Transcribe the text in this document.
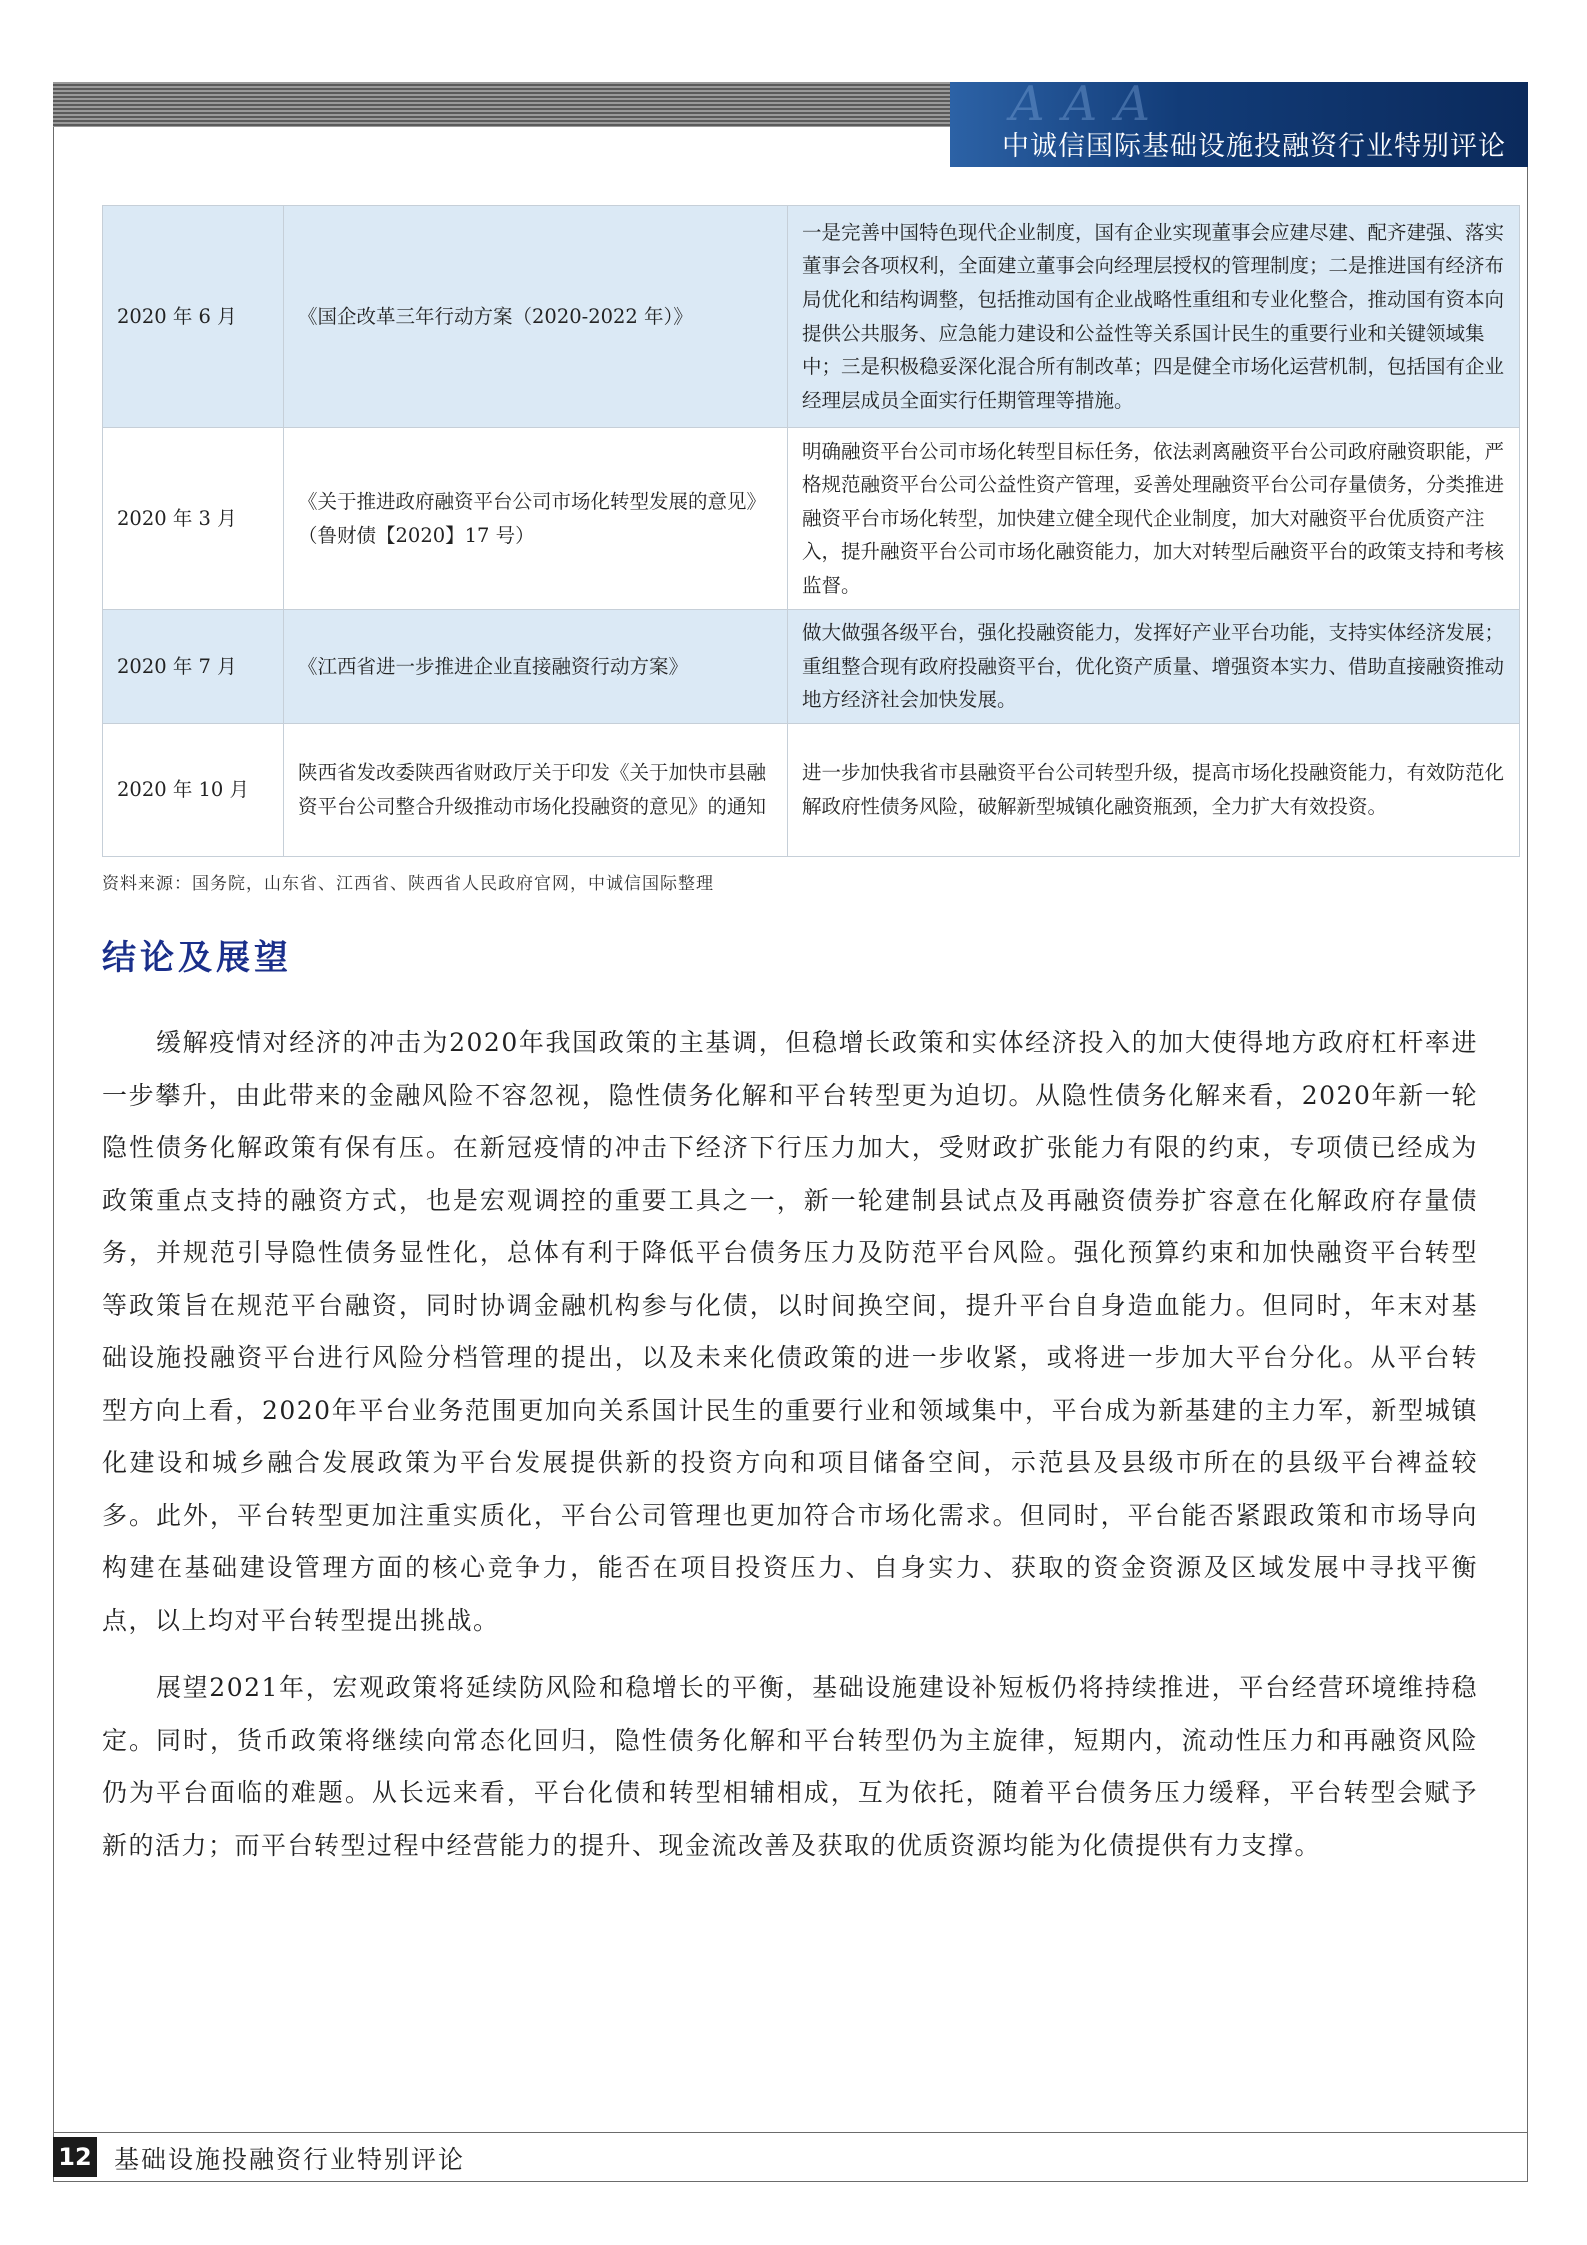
AAA
中诚信国际基础设施投融资行业特别评论
2020 年 6 月	《国企改革三年行动方案（2020-2022 年）》	一是完善中国特色现代企业制度，国有企业实现董事会应建尽建、配齐建强、落实董事会各项权利，全面建立董事会向经理层授权的管理制度；二是推进国有经济布局优化和结构调整，包括推动国有企业战略性重组和专业化整合，推动国有资本向提供公共服务、应急能力建设和公益性等关系国计民生的重要行业和关键领域集中；三是积极稳妥深化混合所有制改革；四是健全市场化运营机制，包括国有企业经理层成员全面实行任期管理等措施。
2020 年 3 月	《关于推进政府融资平台公司市场化转型发展的意见》（鲁财债【2020】17 号）	明确融资平台公司市场化转型目标任务，依法剥离融资平台公司政府融资职能，严格规范融资平台公司公益性资产管理，妥善处理融资平台公司存量债务，分类推进融资平台市场化转型，加快建立健全现代企业制度，加大对融资平台优质资产注入，提升融资平台公司市场化融资能力，加大对转型后融资平台的政策支持和考核监督。
2020 年 7 月	《江西省进一步推进企业直接融资行动方案》	做大做强各级平台，强化投融资能力，发挥好产业平台功能，支持实体经济发展；重组整合现有政府投融资平台，优化资产质量、增强资本实力、借助直接融资推动地方经济社会加快发展。
2020 年 10 月	陕西省发改委陕西省财政厅关于印发《关于加快市县融资平台公司整合升级推动市场化投融资的意见》的通知	进一步加快我省市县融资平台公司转型升级，提高市场化投融资能力，有效防范化解政府性债务风险，破解新型城镇化融资瓶颈，全力扩大有效投资。
资料来源：国务院，山东省、江西省、陕西省人民政府官网，中诚信国际整理
结论及展望

缓解疫情对经济的冲击为2020年我国政策的主基调，但稳增长政策和实体经济投入的加大使得地方政府杠杆率进一步攀升，由此带来的金融风险不容忽视，隐性债务化解和平台转型更为迫切。从隐性债务化解来看，2020年新一轮隐性债务化解政策有保有压。在新冠疫情的冲击下经济下行压力加大，受财政扩张能力有限的约束，专项债已经成为政策重点支持的融资方式，也是宏观调控的重要工具之一，新一轮建制县试点及再融资债券扩容意在化解政府存量债务，并规范引导隐性债务显性化，总体有利于降低平台债务压力及防范平台风险。强化预算约束和加快融资平台转型等政策旨在规范平台融资，同时协调金融机构参与化债，以时间换空间，提升平台自身造血能力。但同时，年末对基础设施投融资平台进行风险分档管理的提出，以及未来化债政策的进一步收紧，或将进一步加大平台分化。从平台转型方向上看，2020年平台业务范围更加向关系国计民生的重要行业和领域集中，平台成为新基建的主力军，新型城镇化建设和城乡融合发展政策为平台发展提供新的投资方向和项目储备空间，示范县及县级市所在的县级平台裨益较多。此外，平台转型更加注重实质化，平台公司管理也更加符合市场化需求。但同时，平台能否紧跟政策和市场导向构建在基础建设管理方面的核心竞争力，能否在项目投资压力、自身实力、获取的资金资源及区域发展中寻找平衡点，以上均对平台转型提出挑战。

展望2021年，宏观政策将延续防风险和稳增长的平衡，基础设施建设补短板仍将持续推进，平台经营环境维持稳定。同时，货币政策将继续向常态化回归，隐性债务化解和平台转型仍为主旋律，短期内，流动性压力和再融资风险仍为平台面临的难题。从长远来看，平台化债和转型相辅相成，互为依托，随着平台债务压力缓释，平台转型会赋予新的活力；而平台转型过程中经营能力的提升、现金流改善及获取的优质资源均能为化债提供有力支撑。

12 基础设施投融资行业特别评论
